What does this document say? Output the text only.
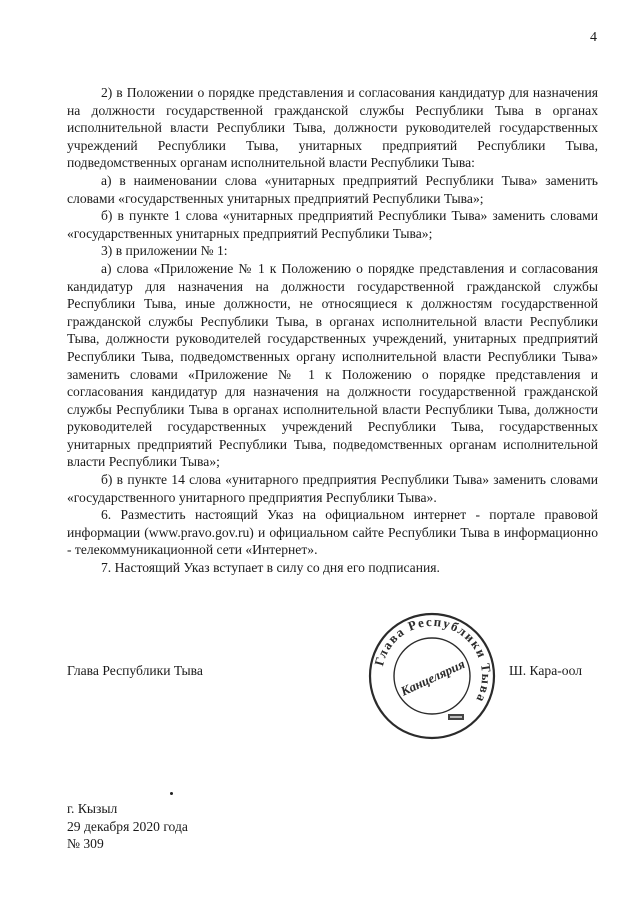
4

2) в Положении о порядке представления и согласования кандидатур для назначения на должности государственной гражданской службы Республики Тыва в органах исполнительной власти Республики Тыва, должности руководителей государственных учреждений Республики Тыва, унитарных предприятий Республики Тыва, подведомственных органам исполнительной власти Республики Тыва:

а) в наименовании слова «унитарных предприятий Республики Тыва» заменить словами «государственных унитарных предприятий Республики Тыва»;

б) в пункте 1 слова «унитарных предприятий Республики Тыва» заменить словами «государственных унитарных предприятий Республики Тыва»;

3) в приложении № 1:

а) слова «Приложение № 1 к Положению о порядке представления и согласования кандидатур для назначения на должности государственной гражданской службы Республики Тыва, иные должности, не относящиеся к должностям государственной гражданской службы Республики Тыва, в органах исполнительной власти Республики Тыва, должности руководителей государственных учреждений, унитарных предприятий Республики Тыва, подведомственных органу исполнительной власти Республики Тыва» заменить словами «Приложение № 1 к Положению о порядке представления и согласования кандидатур для назначения на должности государственной гражданской службы Республики Тыва в органах исполнительной власти Республики Тыва, должности руководителей государственных учреждений Республики Тыва, государственных унитарных предприятий Республики Тыва, подведомственных органам исполнительной власти Республики Тыва»;

б) в пункте 14 слова «унитарного предприятия Республики Тыва» заменить словами «государственного унитарного предприятия Республики Тыва».

6. Разместить настоящий Указ на официальном интернет - портале правовой информации (www.pravo.gov.ru) и официальном сайте Республики Тыва в информационно - телекоммуникационной сети «Интернет».

7. Настоящий Указ вступает в силу со дня его подписания.

Глава Республики Тыва	Ш. Кара-оол
Глава Республики Тыва
Канцелярия
г. Кызыл
29 декабря 2020 года
№ 309
